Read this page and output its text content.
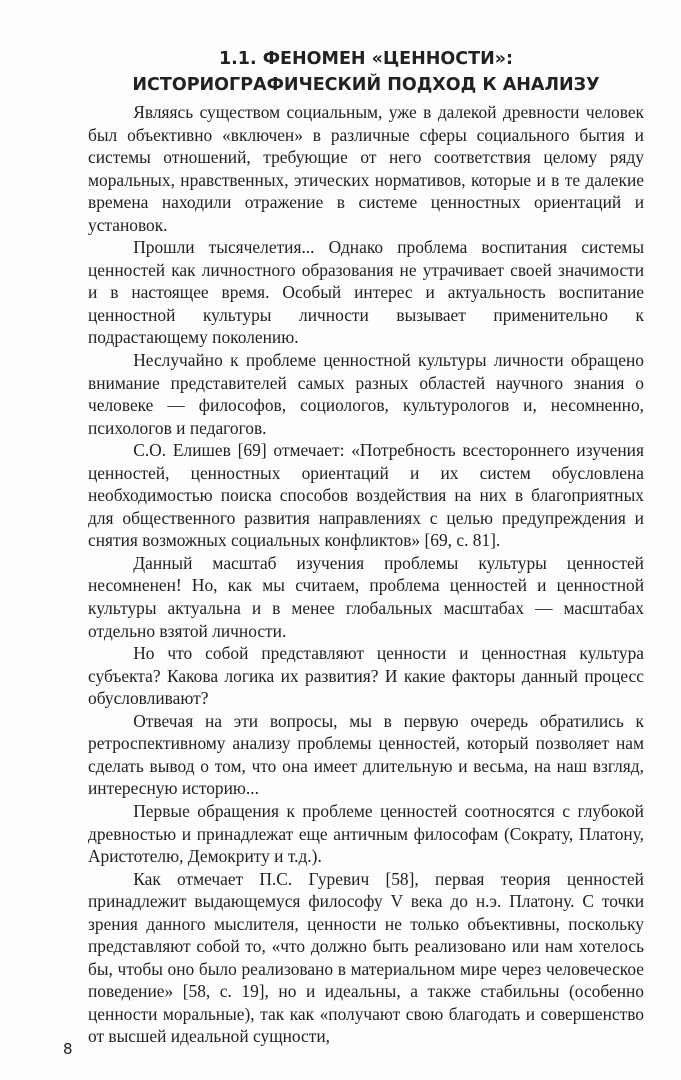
1.1. ФЕНОМЕН «ЦЕННОСТИ»:
ИСТОРИОГРАФИЧЕСКИЙ ПОДХОД К АНАЛИЗУ

Являясь существом социальным, уже в далекой древности человек был объективно «включен» в различные сферы социального бытия и системы отношений, требующие от него соответствия целому ряду моральных, нравственных, этических нормативов, которые и в те далекие времена находили отражение в системе ценностных ориентаций и установок.

Прошли тысячелетия... Однако проблема воспитания системы ценностей как личностного образования не утрачивает своей значимости и в настоящее время. Особый интерес и актуальность воспитание ценностной культуры личности вызывает применительно к подрастающему поколению.

Неслучайно к проблеме ценностной культуры личности обращено внимание представителей самых разных областей научного знания о человеке — философов, социологов, культурологов и, несомненно, психологов и педагогов.

С.О. Елишев [69] отмечает: «Потребность всестороннего изучения ценностей, ценностных ориентаций и их систем обусловлена необходимостью поиска способов воздействия на них в благоприятных для общественного развития направлениях с целью предупреждения и снятия возможных социальных конфликтов» [69, с. 81].

Данный масштаб изучения проблемы культуры ценностей несомненен! Но, как мы считаем, проблема ценностей и ценностной культуры актуальна и в менее глобальных масштабах — масштабах отдельно взятой личности.

Но что собой представляют ценности и ценностная культура субъекта? Какова логика их развития? И какие факторы данный процесс обусловливают?

Отвечая на эти вопросы, мы в первую очередь обратились к ретроспективному анализу проблемы ценностей, который позволяет нам сделать вывод о том, что она имеет длительную и весьма, на наш взгляд, интересную историю...

Первые обращения к проблеме ценностей соотносятся с глубокой древностью и принадлежат еще античным философам (Сократу, Платону, Аристотелю, Демокриту и т.д.).

Как отмечает П.С. Гуревич [58], первая теория ценностей принадлежит выдающемуся философу V века до н.э. Платону. С точки зрения данного мыслителя, ценности не только объективны, поскольку представляют собой то, «что должно быть реализовано или нам хотелось бы, чтобы оно было реализовано в материальном мире через человеческое поведение» [58, с. 19], но и идеальны, а также стабильны (особенно ценности моральные), так как «получают свою благодать и совершенство от высшей идеальной сущности,

8
